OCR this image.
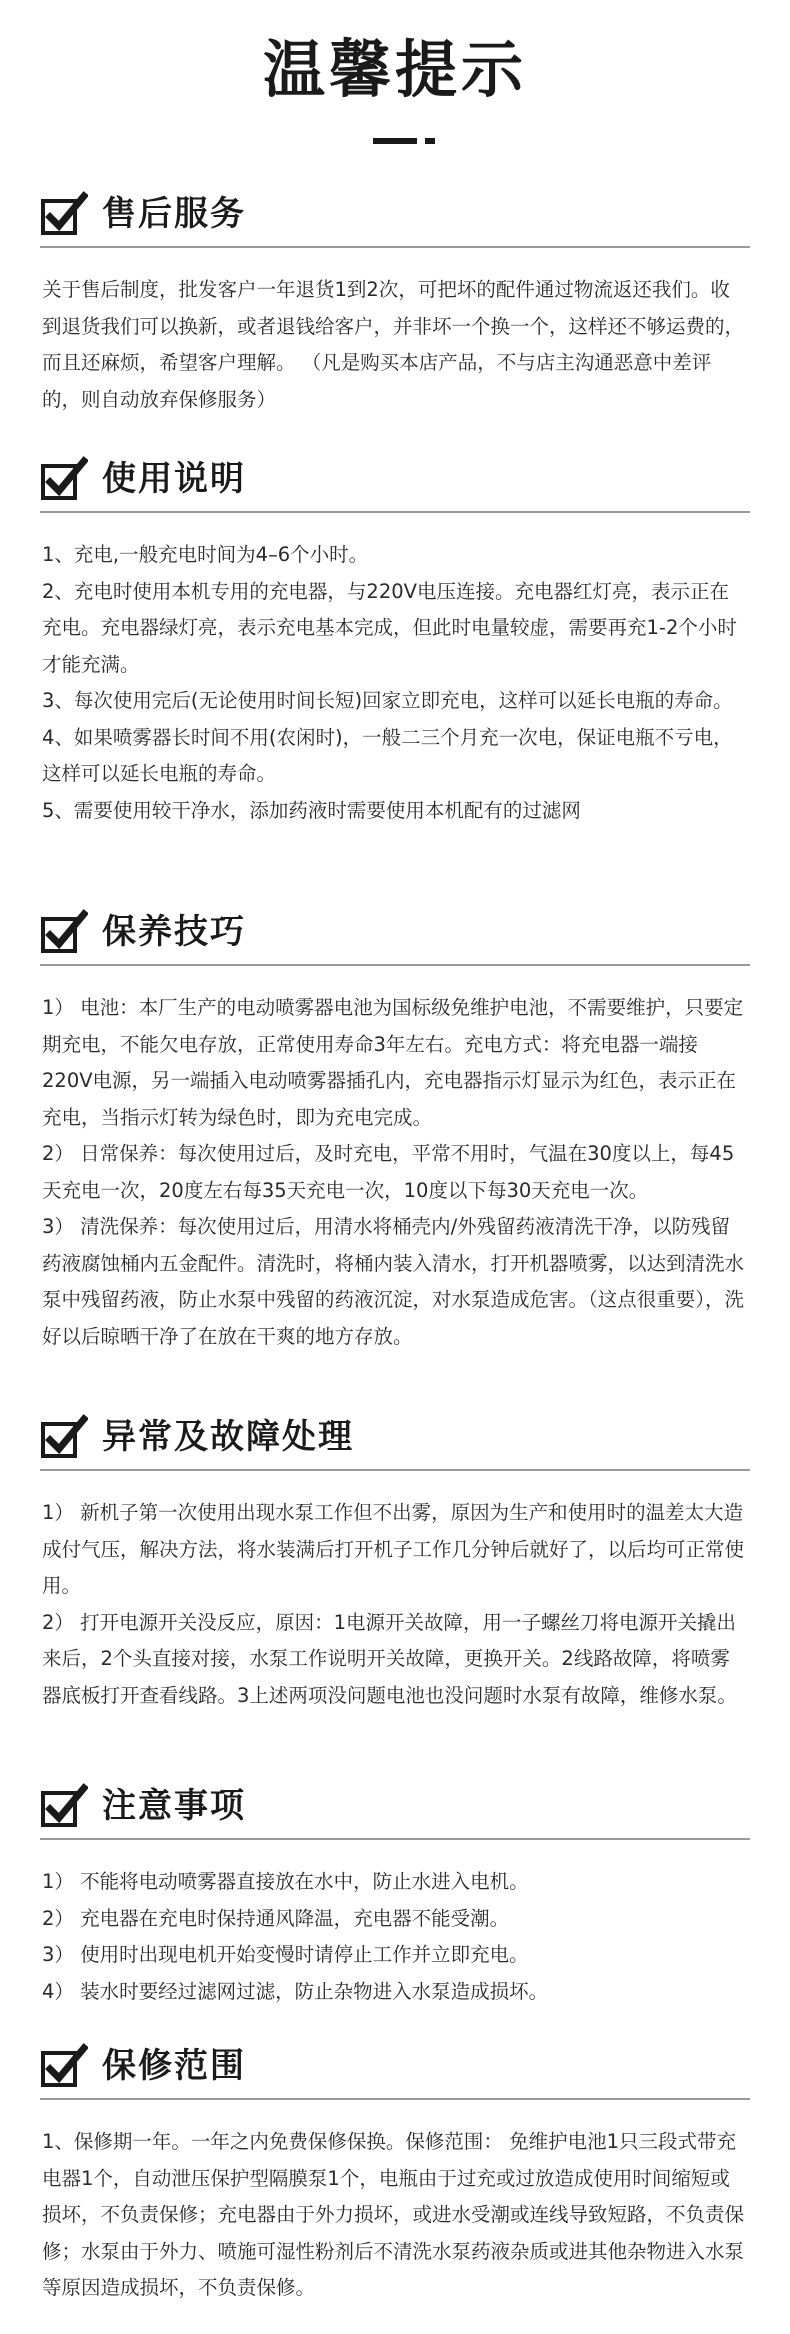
温馨提示
售后服务

关于售后制度，批发客户一年退货1到2次，可把坏的配件通过物流返还我们。收到退货我们可以换新，或者退钱给客户，并非坏一个换一个，这样还不够运费的，而且还麻烦，希望客户理解。 （凡是购买本店产品，不与店主沟通恶意中差评的，则自动放弃保修服务）

使用说明

1、充电,一般充电时间为4–6个小时。

2、充电时使用本机专用的充电器，与220V电压连接。充电器红灯亮，表示正在充电。充电器绿灯亮，表示充电基本完成，但此时电量较虚，需要再充1-2个小时才能充满。

3、每次使用完后(无论使用时间长短)回家立即充电，这样可以延长电瓶的寿命。

4、如果喷雾器长时间不用(农闲时)，一般二三个月充一次电，保证电瓶不亏电，这样可以延长电瓶的寿命。

5、需要使用较干净水，添加药液时需要使用本机配有的过滤网

保养技巧

1） 电池：本厂生产的电动喷雾器电池为国标级免维护电池，不需要维护，只要定期充电，不能欠电存放，正常使用寿命3年左右。充电方式：将充电器一端接220V电源，另一端插入电动喷雾器插孔内，充电器指示灯显示为红色，表示正在充电，当指示灯转为绿色时，即为充电完成。

2） 日常保养：每次使用过后，及时充电，平常不用时，气温在30度以上，每45天充电一次，20度左右每35天充电一次，10度以下每30天充电一次。

3） 清洗保养：每次使用过后，用清水将桶壳内/外残留药液清洗干净，以防残留药液腐蚀桶内五金配件。清洗时，将桶内装入清水，打开机器喷雾，以达到清洗水泵中残留药液，防止水泵中残留的药液沉淀，对水泵造成危害。（这点很重要），洗好以后晾晒干净了在放在干爽的地方存放。

异常及故障处理

1） 新机子第一次使用出现水泵工作但不出雾，原因为生产和使用时的温差太大造成付气压，解决方法，将水装满后打开机子工作几分钟后就好了，以后均可正常使用。

2） 打开电源开关没反应，原因：1电源开关故障，用一子螺丝刀将电源开关撬出来后，2个头直接对接，水泵工作说明开关故障，更换开关。2线路故障，将喷雾器底板打开查看线路。3上述两项没问题电池也没问题时水泵有故障，维修水泵。

注意事项

1） 不能将电动喷雾器直接放在水中，防止水进入电机。

2） 充电器在充电时保持通风降温，充电器不能受潮。

3） 使用时出现电机开始变慢时请停止工作并立即充电。

4） 装水时要经过滤网过滤，防止杂物进入水泵造成损坏。

保修范围

1、保修期一年。一年之内免费保修保换。保修范围： 免维护电池1只三段式带充电器1个，自动泄压保护型隔膜泵1个，电瓶由于过充或过放造成使用时间缩短或损坏，不负责保修；充电器由于外力损坏，或进水受潮或连线导致短路，不负责保修；水泵由于外力、喷施可湿性粉剂后不清洗水泵药液杂质或进其他杂物进入水泵等原因造成损坏，不负责保修。
